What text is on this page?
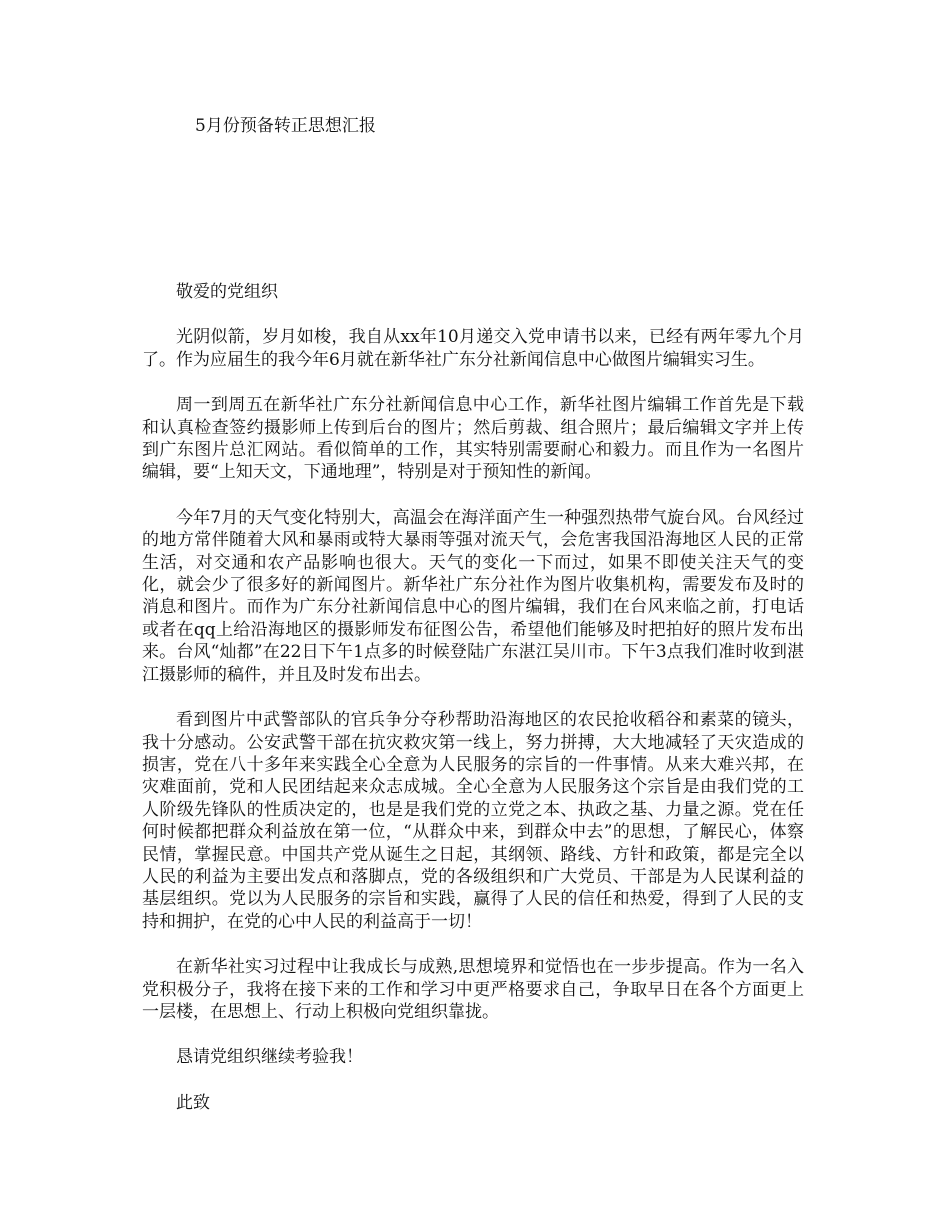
5月份预备转正思想汇报

敬爱的党组织

光阴似箭，岁月如梭，我自从xx年10月递交入党申请书以来，已经有两年零九个月了。作为应届生的我今年6月就在新华社广东分社新闻信息中心做图片编辑实习生。

周一到周五在新华社广东分社新闻信息中心工作，新华社图片编辑工作首先是下载和认真检查签约摄影师上传到后台的图片；然后剪裁、组合照片；最后编辑文字并上传到广东图片总汇网站。看似简单的工作，其实特别需要耐心和毅力。而且作为一名图片编辑，要“上知天文，下通地理”，特别是对于预知性的新闻。

今年7月的天气变化特别大，高温会在海洋面产生一种强烈热带气旋台风。台风经过的地方常伴随着大风和暴雨或特大暴雨等强对流天气，会危害我国沿海地区人民的正常生活，对交通和农产品影响也很大。天气的变化一下而过，如果不即使关注天气的变化，就会少了很多好的新闻图片。新华社广东分社作为图片收集机构，需要发布及时的消息和图片。而作为广东分社新闻信息中心的图片编辑，我们在台风来临之前，打电话或者在qq上给沿海地区的摄影师发布征图公告，希望他们能够及时把拍好的照片发布出来。台风“灿都”在22日下午1点多的时候登陆广东湛江吴川市。下午3点我们准时收到湛江摄影师的稿件，并且及时发布出去。

看到图片中武警部队的官兵争分夺秒帮助沿海地区的农民抢收稻谷和素菜的镜头，我十分感动。公安武警干部在抗灾救灾第一线上，努力拼搏，大大地减轻了天灾造成的损害，党在八十多年来实践全心全意为人民服务的宗旨的一件事情。从来大难兴邦，在灾难面前，党和人民团结起来众志成城。全心全意为人民服务这个宗旨是由我们党的工人阶级先锋队的性质决定的，也是是我们党的立党之本、执政之基、力量之源。党在任何时候都把群众利益放在第一位，“从群众中来，到群众中去”的思想，了解民心，体察民情，掌握民意。中国共产党从诞生之日起，其纲领、路线、方针和政策，都是完全以人民的利益为主要出发点和落脚点，党的各级组织和广大党员、干部是为人民谋利益的基层组织。党以为人民服务的宗旨和实践，赢得了人民的信任和热爱，得到了人民的支持和拥护，在党的心中人民的利益高于一切！

在新华社实习过程中让我成长与成熟,思想境界和觉悟也在一步步提高。作为一名入党积极分子，我将在接下来的工作和学习中更严格要求自己，争取早日在各个方面更上一层楼，在思想上、行动上积极向党组织靠拢。

恳请党组织继续考验我！

此致
